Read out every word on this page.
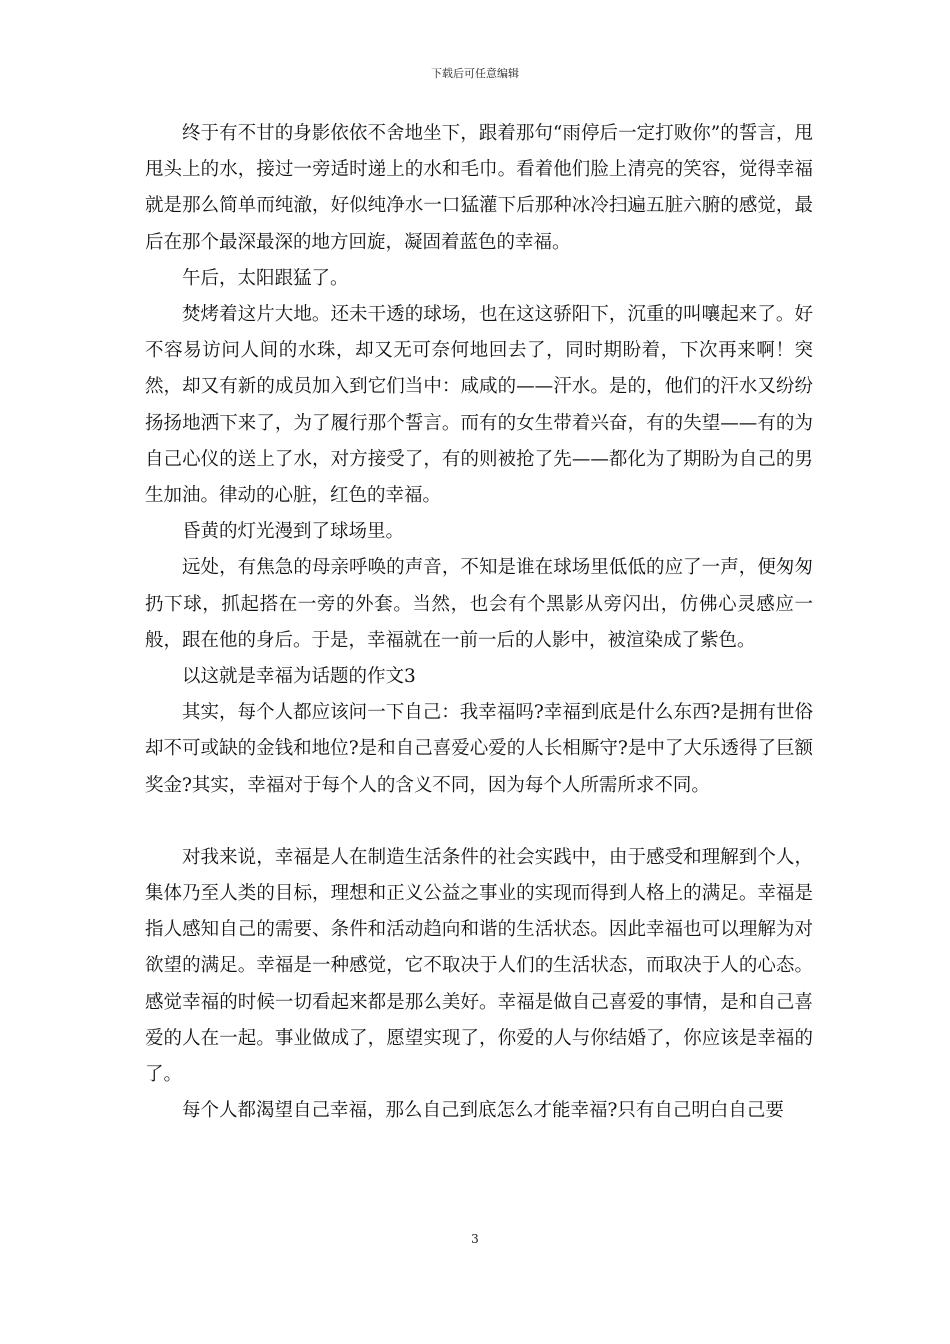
下载后可任意编辑

终于有不甘的身影依依不舍地坐下，跟着那句“雨停后一定打败你”的誓言，甩甩头上的水，接过一旁适时递上的水和毛巾。看着他们脸上清亮的笑容，觉得幸福就是那么简单而纯澈，好似纯净水一口猛灌下后那种冰冷扫遍五脏六腑的感觉，最后在那个最深最深的地方回旋，凝固着蓝色的幸福。

午后，太阳跟猛了。

焚烤着这片大地。还未干透的球场，也在这这骄阳下，沉重的叫嚷起来了。好不容易访问人间的水珠，却又无可奈何地回去了，同时期盼着，下次再来啊！突然，却又有新的成员加入到它们当中：咸咸的——汗水。是的，他们的汗水又纷纷扬扬地洒下来了，为了履行那个誓言。而有的女生带着兴奋，有的失望——有的为自己心仪的送上了水，对方接受了，有的则被抢了先——都化为了期盼为自己的男生加油。律动的心脏，红色的幸福。

昏黄的灯光漫到了球场里。

远处，有焦急的母亲呼唤的声音，不知是谁在球场里低低的应了一声，便匆匆扔下球，抓起搭在一旁的外套。当然，也会有个黑影从旁闪出，仿佛心灵感应一般，跟在他的身后。于是，幸福就在一前一后的人影中，被渲染成了紫色。

以这就是幸福为话题的作文3

其实，每个人都应该问一下自己：我幸福吗?幸福到底是什么东西?是拥有世俗却不可或缺的金钱和地位?是和自己喜爱心爱的人长相厮守?是中了大乐透得了巨额奖金?其实，幸福对于每个人的含义不同，因为每个人所需所求不同。

对我来说，幸福是人在制造生活条件的社会实践中，由于感受和理解到个人，集体乃至人类的目标，理想和正义公益之事业的实现而得到人格上的满足。幸福是指人感知自己的需要、条件和活动趋向和谐的生活状态。因此幸福也可以理解为对欲望的满足。幸福是一种感觉，它不取决于人们的生活状态，而取决于人的心态。感觉幸福的时候一切看起来都是那么美好。幸福是做自己喜爱的事情，是和自己喜爱的人在一起。事业做成了，愿望实现了，你爱的人与你结婚了，你应该是幸福的了。

每个人都渴望自己幸福，那么自己到底怎么才能幸福?只有自己明白自己要

3
